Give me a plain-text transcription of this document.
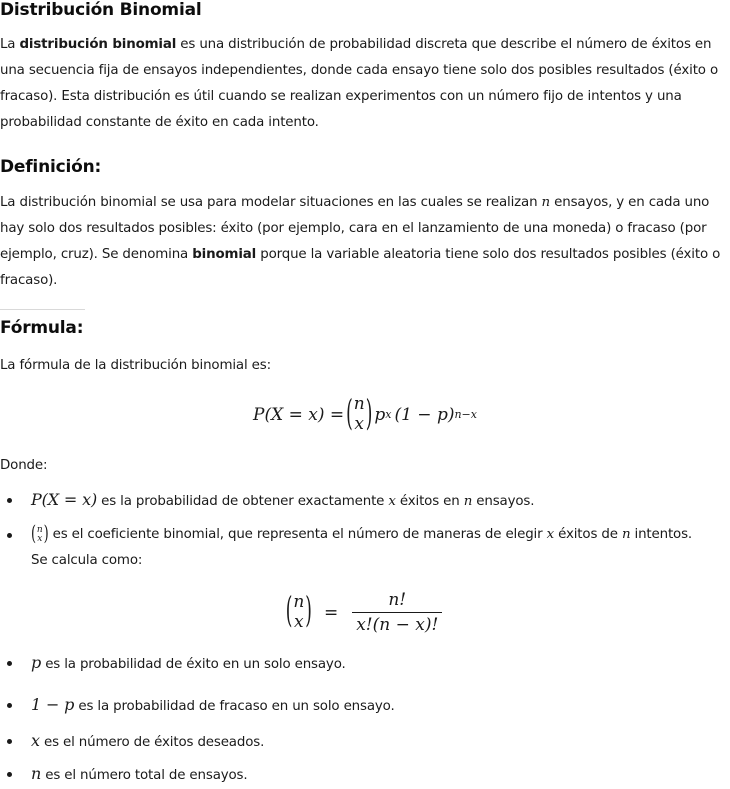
Distribución Binomial

La distribución binomial es una distribución de probabilidad discreta que describe el número de éxitos en una secuencia fija de ensayos independientes, donde cada ensayo tiene solo dos posibles resultados (éxito o fracaso). Esta distribución es útil cuando se realizan experimentos con un número fijo de intentos y una probabilidad constante de éxito en cada intento.

Definición:

La distribución binomial se usa para modelar situaciones en las cuales se realizan n ensayos, y en cada uno hay solo dos resultados posibles: éxito (por ejemplo, cara en el lanzamiento de una moneda) o fracaso (por ejemplo, cruz). Se denomina binomial porque la variable aleatoria tiene solo dos resultados posibles (éxito o fracaso).

Fórmula:

La fórmula de la distribución binomial es:

P(X = x) = ( n
x ) p x (1 − p) n−x

Donde:

P(X = x) es la probabilidad de obtener exactamente x éxitos en n ensayos.
( n
x ) es el coeficiente binomial, que representa el número de maneras de elegir x éxitos de n intentos.
Se calcula como:
p es la probabilidad de éxito en un solo ensayo.
1 − p es la probabilidad de fracaso en un solo ensayo.
x es el número de éxitos deseados.
n es el número total de ensayos.
( n
x ) = $\frac{n!}{x!(n - x)!}$
